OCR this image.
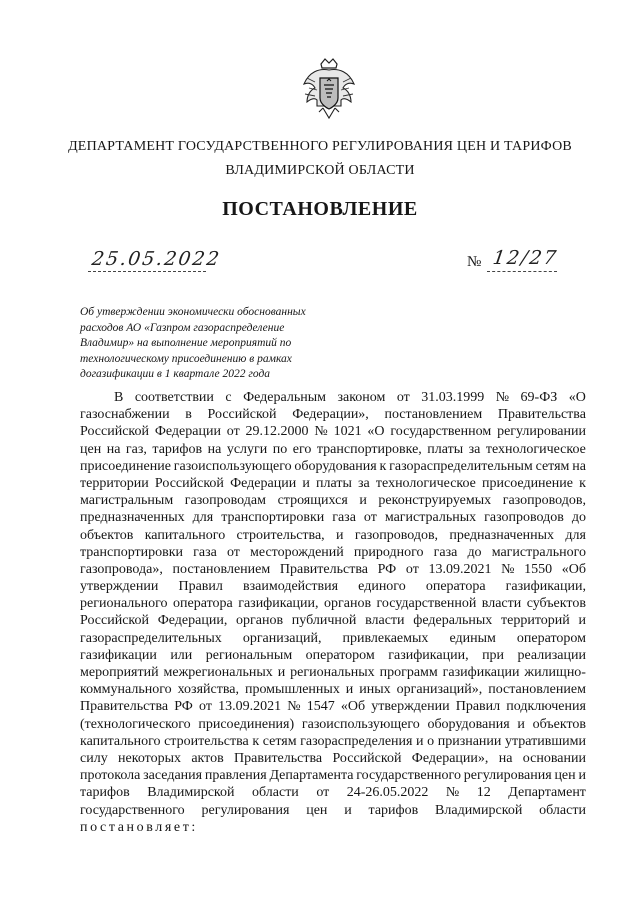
ДЕПАРТАМЕНТ ГОСУДАРСТВЕННОГО РЕГУЛИРОВАНИЯ ЦЕН И ТАРИФОВ
ВЛАДИМИРСКОЙ ОБЛАСТИ
ПОСТАНОВЛЕНИЕ
25.05.2022	№ 12/27
Об утверждении экономически обоснованных
расходов АО «Газпром газораспределение
Владимир» на выполнение мероприятий по
технологическому присоединению в рамках
догазификации в 1 квартале 2022 года
В соответствии с Федеральным законом от 31.03.1999 № 69-ФЗ «О
газоснабжении в Российской Федерации», постановлением Правительства
Российской Федерации от 29.12.2000 № 1021 «О государственном регулировании
цен на газ, тарифов на услуги по его транспортировке, платы за технологическое
присоединение газоиспользующего оборудования к газораспределительным сетям на
территории Российской Федерации и платы за технологическое присоединение к
магистральным газопроводам строящихся и реконструируемых газопроводов,
предназначенных для транспортировки газа от магистральных газопроводов до
объектов капитального строительства, и газопроводов, предназначенных для
транспортировки газа от месторождений природного газа до магистрального
газопровода», постановлением Правительства РФ от 13.09.2021 № 1550 «Об
утверждении Правил взаимодействия единого оператора газификации,
регионального оператора газификации, органов государственной власти субъектов
Российской Федерации, органов публичной власти федеральных территорий и
газораспределительных организаций, привлекаемых единым оператором
газификации или региональным оператором газификации, при реализации
мероприятий межрегиональных и региональных программ газификации жилищно-
коммунального хозяйства, промышленных и иных организаций», постановлением
Правительства РФ от 13.09.2021 № 1547 «Об утверждении Правил подключения
(технологического присоединения) газоиспользующего оборудования и объектов
капитального строительства к сетям газораспределения и о признании утратившими
силу некоторых актов Правительства Российской Федерации», на основании
протокола заседания правления Департамента государственного регулирования цен и
тарифов Владимирской области от 24-26.05.2022 № 12 Департамент
государственного регулирования цен и тарифов Владимирской области
постановляет:
